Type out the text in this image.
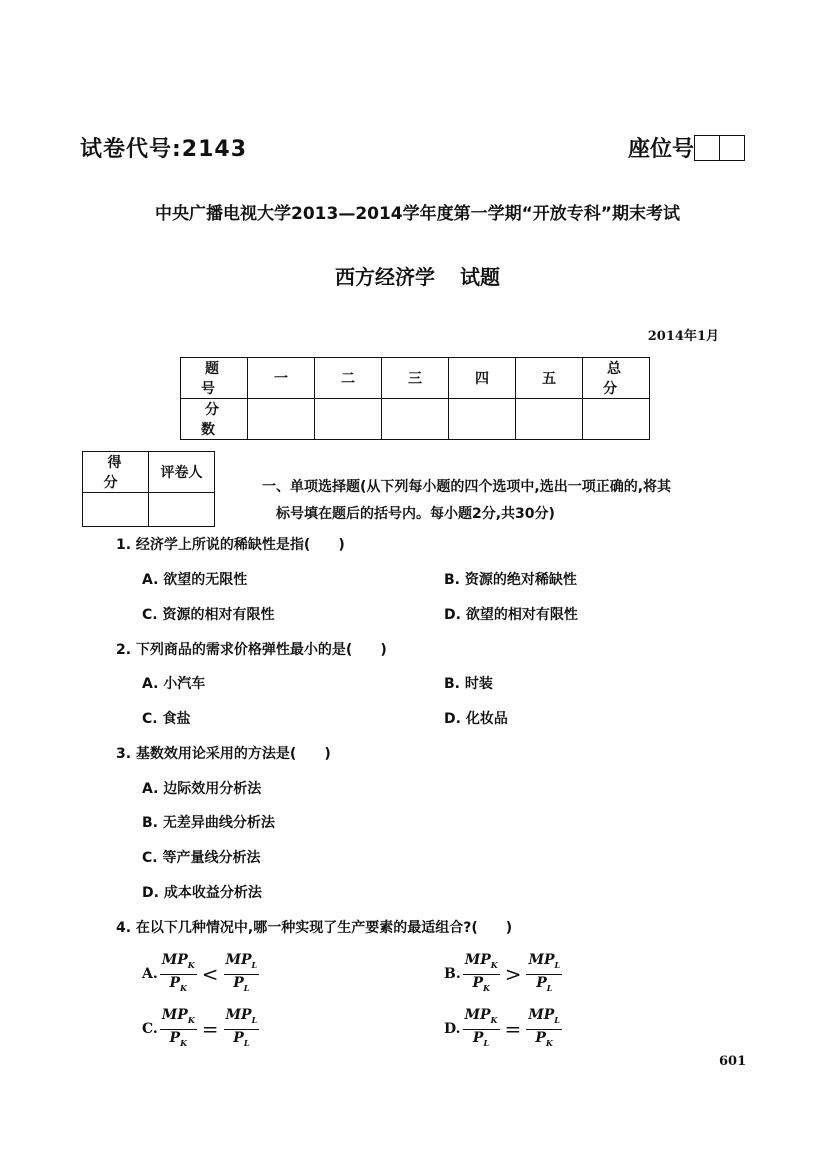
试卷代号:2143	座位号
中央广播电视大学2013—2014学年度第一学期“开放专科”期末考试
西方经济学 试题
2014年1月
题 号	一	二	三	四	五	总 分
分 数						
得 分	评卷人

一、单项选择题(从下列每小题的四个选项中,选出一项正确的,将其
标号填在题后的括号内。每小题2分,共30分)
1. 经济学上所说的稀缺性是指(　　)
A. 欲望的无限性	B. 资源的绝对稀缺性
C. 资源的相对有限性	D. 欲望的相对有限性
2. 下列商品的需求价格弹性最小的是(　　)
A. 小汽车	B. 时装
C. 食盐	D. 化妆品
3. 基数效用论采用的方法是(　　)
A. 边际效用分析法
B. 无差异曲线分析法
C. 等产量线分析法
D. 成本收益分析法
4. 在以下几种情况中,哪一种实现了生产要素的最适组合?(　　)
A. $\frac{MP_K}{P_K} < \frac{MP_L}{P_L}$	B. $\frac{MP_K}{P_K} > \frac{MP_L}{P_L}$
C. $\frac{MP_K}{P_K} = \frac{MP_L}{P_L}$	D. $\frac{MP_K}{P_L} = \frac{MP_L}{P_K}$
601
